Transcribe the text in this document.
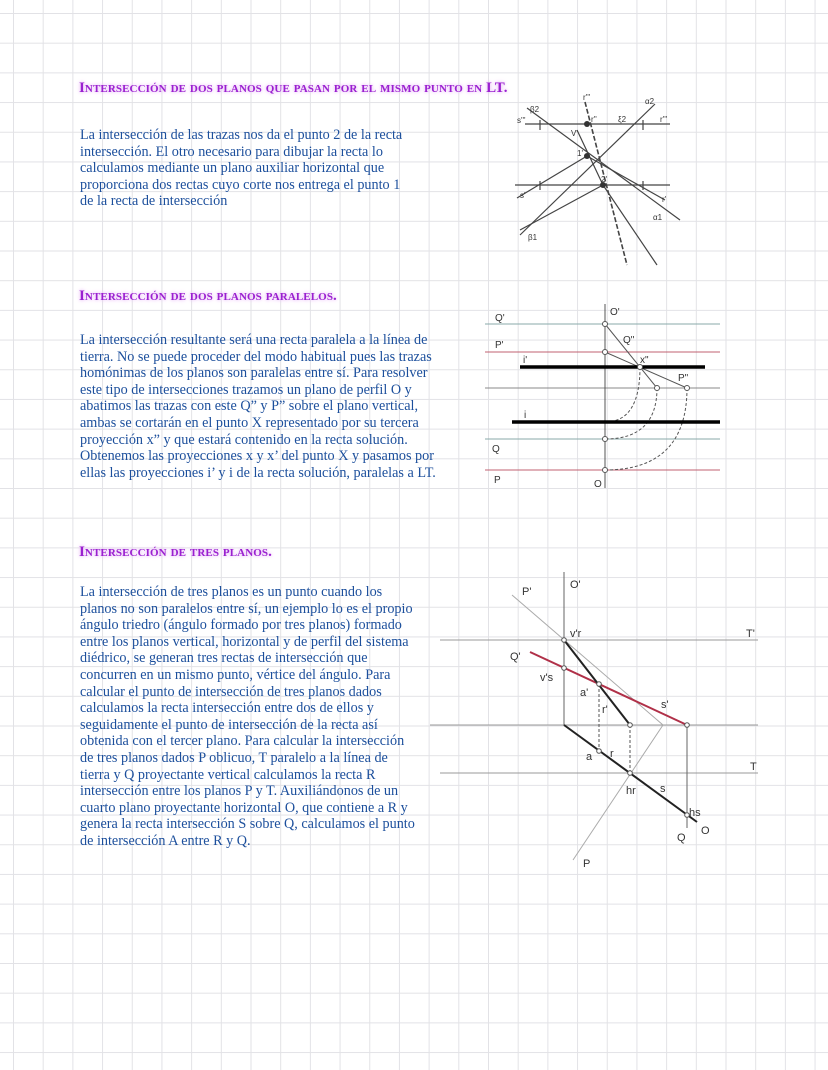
Intersección de dos planos que pasan por el mismo punto en LT.
La intersección de las trazas nos da el punto 2 de la recta intersección. El otro necesario para dibujar la recta lo calculamos mediante un plano auxiliar horizontal que proporciona dos rectas cuyo corte nos entrega el punto 1 de la recta de intersección
β2
r'''
s'''	r''	ξ2	r'''
α2
V'
1'
2'
s'	r'
α1
β1
Intersección de dos planos paralelos.
La intersección resultante será una recta paralela a la línea de tierra. No se puede proceder del modo habitual pues las trazas homónimas de los planos son paralelas entre sí. Para resolver este tipo de intersecciones trazamos un plano de perfil O y abatimos las trazas con este Q” y P” sobre el plano vertical, ambas se cortarán en el punto X representado por su tercera proyección x” y que estará contenido en la recta solución. Obtenemos las proyecciones x y x’ del punto X y pasamos por ellas las proyecciones i’ y i de la recta solución, paralelas a LT.
O'
Q'
Q"
P'
x"
i'
P"
i
Q
P	O
Intersección de tres planos.
La intersección de tres planos es un punto cuando los planos no son paralelos entre sí, un ejemplo lo es el propio ángulo triedro (ángulo formado por tres planos) formado entre los planos vertical, horizontal y de perfil del sistema diédrico, se generan tres rectas de intersección que concurren en un mismo punto, vértice del ángulo. Para calcular el punto de intersección de tres planos dados calculamos la recta intersección entre dos de ellos y seguidamente el punto de intersección de la recta así obtenida con el tercer plano. Para calcular la intersección de tres planos dados P oblicuo, T paralelo a la línea de tierra y Q proyectante vertical calculamos la recta R intersección entre los planos P y T. Auxiliándonos de un cuarto plano proyectante horizontal O, que contiene a R y genera la recta intersección S sobre Q, calculamos el punto de intersección A entre R y Q.
P'
O'
v'r	T'
Q'
v's
a'
r'	s'
a r
T
hr s
hs
Q
O
P
